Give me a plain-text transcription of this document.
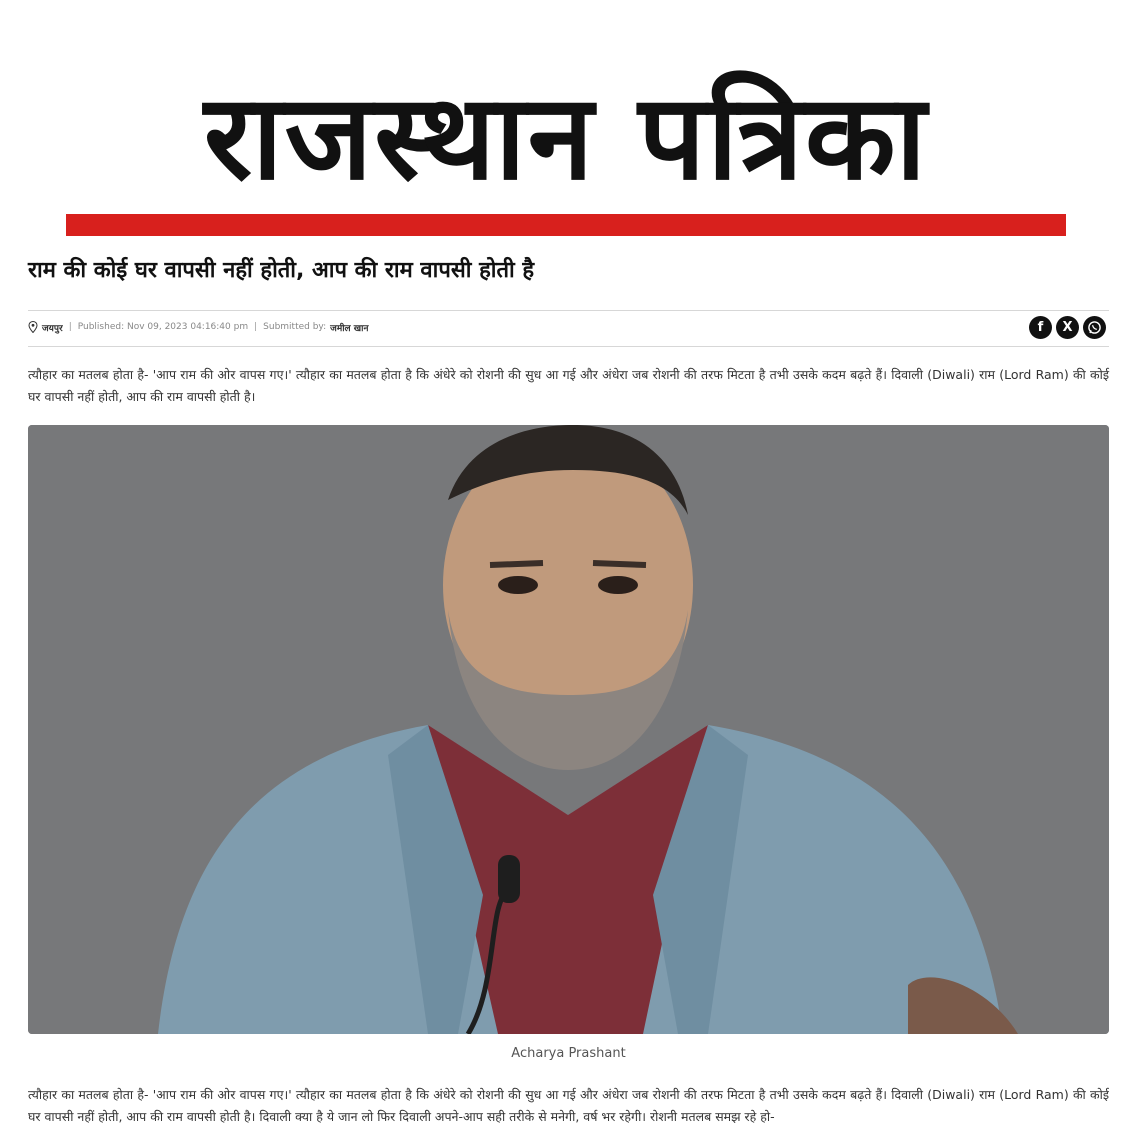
राजस्थान पत्रिका
राम की कोई घर वापसी नहीं होती, आप की राम वापसी होती है
जयपुर | Published: Nov 09, 2023 04:16:40 pm | Submitted by: जमील खान	f	X

त्यौहार का मतलब होता है- 'आप राम की ओर वापस गए।' त्यौहार का मतलब होता है कि अंधेरे को रोशनी की सुध आ गई और अंधेरा जब रोशनी की तरफ मिटता है तभी उसके कदम बढ़ते हैं। दिवाली (Diwali) राम (Lord Ram) की कोई घर वापसी नहीं होती, आप की राम वापसी होती है।

Acharya Prashant

त्यौहार का मतलब होता है- 'आप राम की ओर वापस गए।' त्यौहार का मतलब होता है कि अंधेरे को रोशनी की सुध आ गई और अंधेरा जब रोशनी की तरफ मिटता है तभी उसके कदम बढ़ते हैं। दिवाली (Diwali) राम (Lord Ram) की कोई घर वापसी नहीं होती, आप की राम वापसी होती है। दिवाली क्या है ये जान लो फिर दिवाली अपने-आप सही तरीके से मनेगी, वर्ष भर रहेगी। रोशनी मतलब समझ रहे हो-
